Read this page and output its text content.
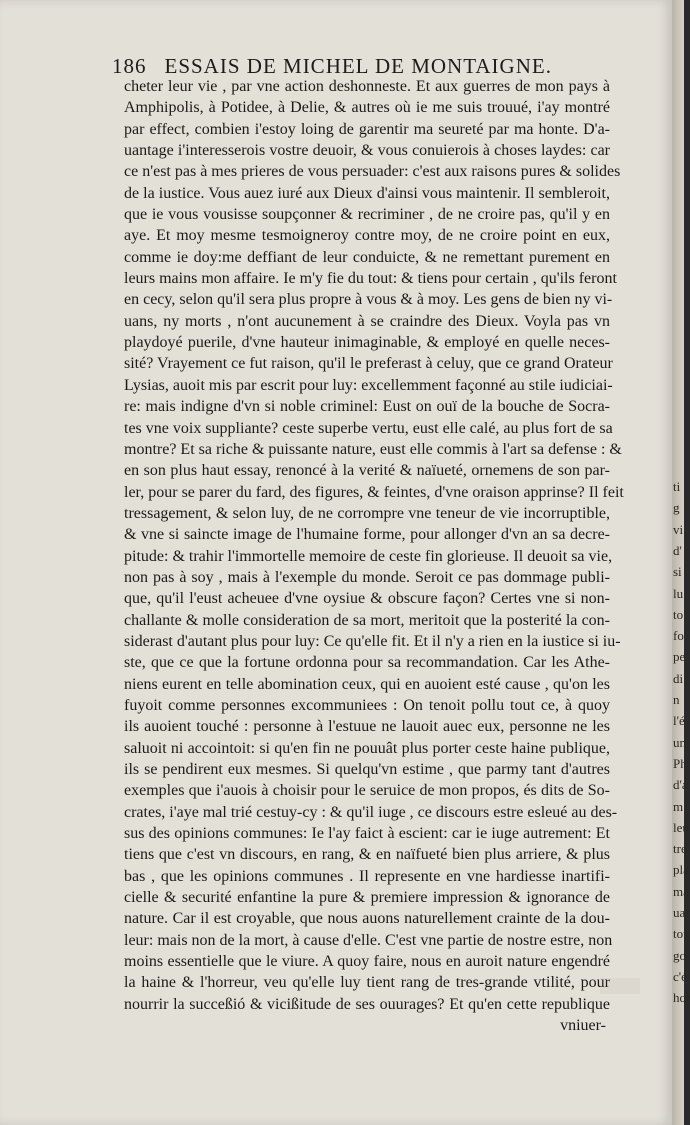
186 ESSAIS DE MICHEL DE MONTAIGNE.
cheter leur vie , par vne action deshonneste. Et aux guerres de mon pays à
Amphipolis, à Potidee, à Delie, & autres où ie me suis trouué, i'ay montré
par effect, combien i'estoy loing de garentir ma seureté par ma honte. D'a-
uantage i'interesserois vostre deuoir, & vous conuierois à choses laydes: car
ce n'est pas à mes prieres de vous persuader: c'est aux raisons pures & solides
de la iustice. Vous auez iuré aux Dieux d'ainsi vous maintenir. Il sembleroit,
que ie vous vousisse soupçonner & recriminer , de ne croire pas, qu'il y en
aye. Et moy mesme tesmoigneroy contre moy, de ne croire point en eux,
comme ie doy:me deffiant de leur conduicte, & ne remettant purement en
leurs mains mon affaire. Ie m'y fie du tout: & tiens pour certain , qu'ils feront
en cecy, selon qu'il sera plus propre à vous & à moy. Les gens de bien ny vi-
uans, ny morts , n'ont aucunement à se craindre des Dieux. Voyla pas vn
playdoyé puerile, d'vne hauteur inimaginable, & employé en quelle neces-
sité? Vrayement ce fut raison, qu'il le preferast à celuy, que ce grand Orateur
Lysias, auoit mis par escrit pour luy: excellemment façonné au stile iudiciai-
re: mais indigne d'vn si noble criminel: Eust on ouï de la bouche de Socra-
tes vne voix suppliante? ceste superbe vertu, eust elle calé, au plus fort de sa
montre? Et sa riche & puissante nature, eust elle commis à l'art sa defense : &
en son plus haut essay, renoncé à la verité & naïueté, ornemens de son par-
ler, pour se parer du fard, des figures, & feintes, d'vne oraison apprinse? Il feit
tressagement, & selon luy, de ne corrompre vne teneur de vie incorruptible,
& vne si saincte image de l'humaine forme, pour allonger d'vn an sa decre-
pitude: & trahir l'immortelle memoire de ceste fin glorieuse. Il deuoit sa vie,
non pas à soy , mais à l'exemple du monde. Seroit ce pas dommage publi-
que, qu'il l'eust acheuee d'vne oysiue & obscure façon? Certes vne si non-
challante & molle consideration de sa mort, meritoit que la posterité la con-
siderast d'autant plus pour luy: Ce qu'elle fit. Et il n'y a rien en la iustice si iu-
ste, que ce que la fortune ordonna pour sa recommandation. Car les Athe-
niens eurent en telle abomination ceux, qui en auoient esté cause , qu'on les
fuyoit comme personnes excommuniees : On tenoit pollu tout ce, à quoy
ils auoient touché : personne à l'estuue ne lauoit auec eux, personne ne les
saluoit ni accointoit: si qu'en fin ne pouuât plus porter ceste haine publique,
ils se pendirent eux mesmes. Si quelqu'vn estime , que parmy tant d'autres
exemples que i'auois à choisir pour le seruice de mon propos, és dits de So-
crates, i'aye mal trié cestuy-cy : & qu'il iuge , ce discours estre esleué au des-
sus des opinions communes: Ie l'ay faict à escient: car ie iuge autrement: Et
tiens que c'est vn discours, en rang, & en naïfueté bien plus arriere, & plus
bas , que les opinions communes . Il represente en vne hardiesse inartifi-
cielle & securité enfantine la pure & premiere impression & ignorance de
nature. Car il est croyable, que nous auons naturellement crainte de la dou-
leur: mais non de la mort, à cause d'elle. C'est vne partie de nostre estre, non
moins essentielle que le viure. A quoy faire, nous en auroit nature engendré
la haine & l'horreur, veu qu'elle luy tient rang de tres-grande vtilité, pour
nourrir la succeßió & vicißitude de ses ouurages? Et qu'en cette republique
vniuer-
ti
g
vi
d'
si
lu
to
fo
pe
di
n
l'é
un
Ph
d'a
m
leu
tre
pla
ma
uar
tou
go
c'é
hor
